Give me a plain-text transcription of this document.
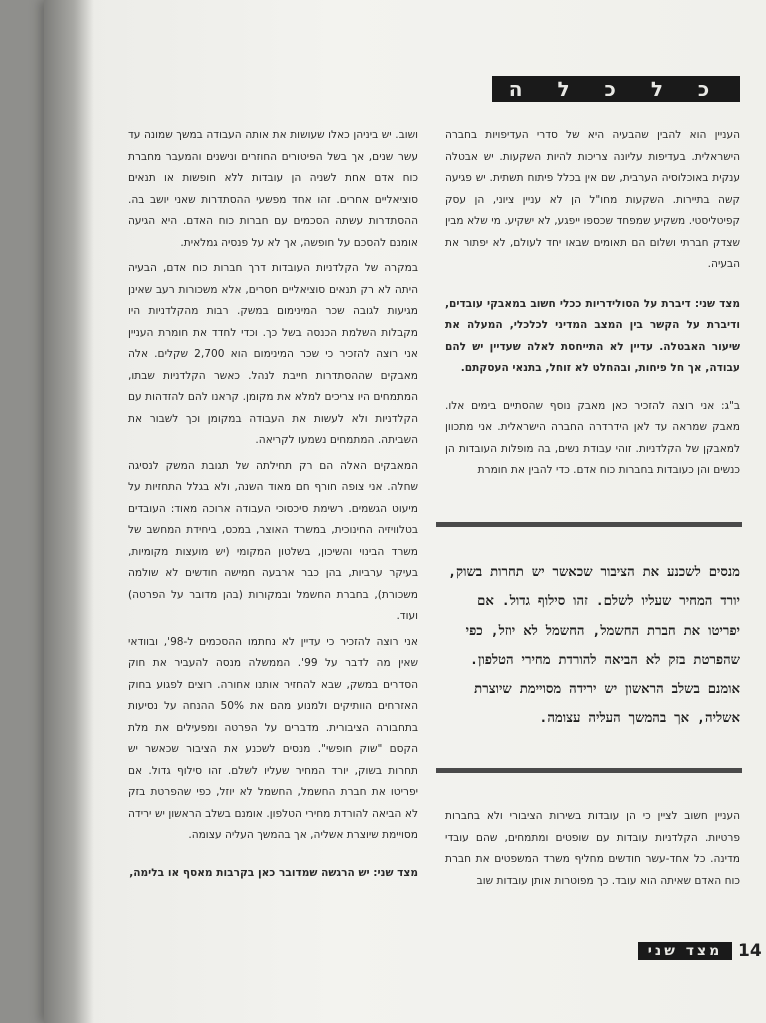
כ ל כ ל ה

העניין הוא להבין שהבעיה היא של סדרי העדיפויות בחברה הישראלית. בעדיפות עליונה צריכות להיות השקעות. יש אבטלה ענקית באוכלוסיה הערבית, שם אין בכלל פיתוח תשתית. יש פגיעה קשה בתיירות. השקעות מחו"ל הן לא עניין ציוני, הן עסק קפיטליסטי. משקיע שמפחד שכספו ייפגע, לא ישקיע. מי שלא מבין שצדק חברתי ושלום הם תאומים שבאו יחד לעולם, לא יפתור את הבעיה.

מצד שני: דיברת על הסולידריות ככלי חשוב במאבקי עובדים, ודיברת על הקשר בין המצב המדיני לכלכלי, המעלה את שיעור האבטלה. עדיין לא התייחסת לאלה שעדיין יש להם עבודה, אך חל פיחות, ובהחלט לא זוחל, בתנאי העסקתם.

ב"ג: אני רוצה להזכיר כאן מאבק נוסף שהסתיים בימים אלו. מאבק שמראה עד לאן הידרדרה החברה הישראלית. אני מתכוון למאבקן של הקלדניות. זוהי עבודת נשים, בה מופלות העובדות הן כנשים והן כעובדות בחברות כוח אדם. כדי להבין את חומרת

מנסים לשכנע את הציבור שכאשר יש תחרות בשוק, יורד המחיר שעליו לשלם. זהו סילוף גדול. אם יפריטו את חברת החשמל, החשמל לא יוזל, כפי שהפרטת בזק לא הביאה להורדת מחירי הטלפון. אומנם בשלב הראשון יש ירידה מסויימת שיוצרת אשליה, אך בהמשך העליה עצומה.

העניין חשוב לציין כי הן עובדות בשירות הציבורי ולא בחברות פרטיות. הקלדניות עובדות עם שופטים ומתמחים, שהם עובדי מדינה. כל אחד-עשר חודשים מחליף משרד המשפטים את חברת כוח האדם שאיתה הוא עובד. כך מפוטרות אותן עובדות שוב

ושוב. יש ביניהן כאלו שעושות את אותה העבודה במשך שמונה עד עשר שנים, אך בשל הפיטורים החוזרים ונישנים והמעבר מחברת כוח אדם אחת לשניה הן עובדות ללא חופשות או תנאים סוציאליים אחרים. זהו אחד מפשעי ההסתדרות שאני יושב בה. ההסתדרות עשתה הסכמים עם חברות כוח האדם. היא הגיעה אומנם להסכם על חופשה, אך לא על פנסיה גמלאית.

במקרה של הקלדניות העובדות דרך חברות כוח אדם, הבעיה היתה לא רק תנאים סוציאליים חסרים, אלא משכורות רעב שאינן מגיעות לגובה שכר המינימום במשק. רבות מהקלדניות היו מקבלות השלמת הכנסה בשל כך. וכדי לחדד את חומרת העניין אני רוצה להזכיר כי שכר המינימום הוא 2,700 שקלים. אלה מאבקים שההסתדרות חייבת לנהל. כאשר הקלדניות שבתו, המתמחים היו צריכים למלא את מקומן. קראנו להם להזדהות עם הקלדניות ולא לעשות את העבודה במקומן וכך לשבור את השביתה. המתמחים נשמעו לקריאה.

המאבקים האלה הם רק תחילתה של תגובת המשק לנסיגה שחלה. אני צופה חורף חם מאוד השנה, ולא בגלל התחזיות על מיעוט הגשמים. רשימת סיכסוכי העבודה ארוכה מאוד: העובדים בטלוויזיה החינוכית, במשרד האוצר, במכס, ביחידת המחשב של משרד הבינוי והשיכון, בשלטון המקומי (יש מועצות מקומיות, בעיקר ערביות, בהן כבר ארבעה חמישה חודשים לא שולמה משכורת), בחברת החשמל ובמקורות (בהן מדובר על הפרטה) ועוד.

אני רוצה להזכיר כי עדיין לא נחתמו ההסכמים ל-98', ובוודאי שאין מה לדבר על 99'. הממשלה מנסה להעביר את חוק הסדרים במשק, שבא להחזיר אותנו אחורה. רוצים לפגוע בחוק האזרחים הוותיקים ולמנוע מהם את 50% ההנחה על נסיעות בתחבורה הציבורית. מדברים על הפרטה ומפעילים את מלת הקסם "שוק חופשי". מנסים לשכנע את הציבור שכאשר יש תחרות בשוק, יורד המחיר שעליו לשלם. זהו סילוף גדול. אם יפריטו את חברת החשמל, החשמל לא יוזל, כפי שהפרטת בזק לא הביאה להורדת מחירי הטלפון. אומנם בשלב הראשון יש ירידה מסויימת שיוצרת אשליה, אך בהמשך העליה עצומה.

מצד שני: יש הרגשה שמדובר כאן בקרבות מאסף או בלימה,

14
מצד שני
